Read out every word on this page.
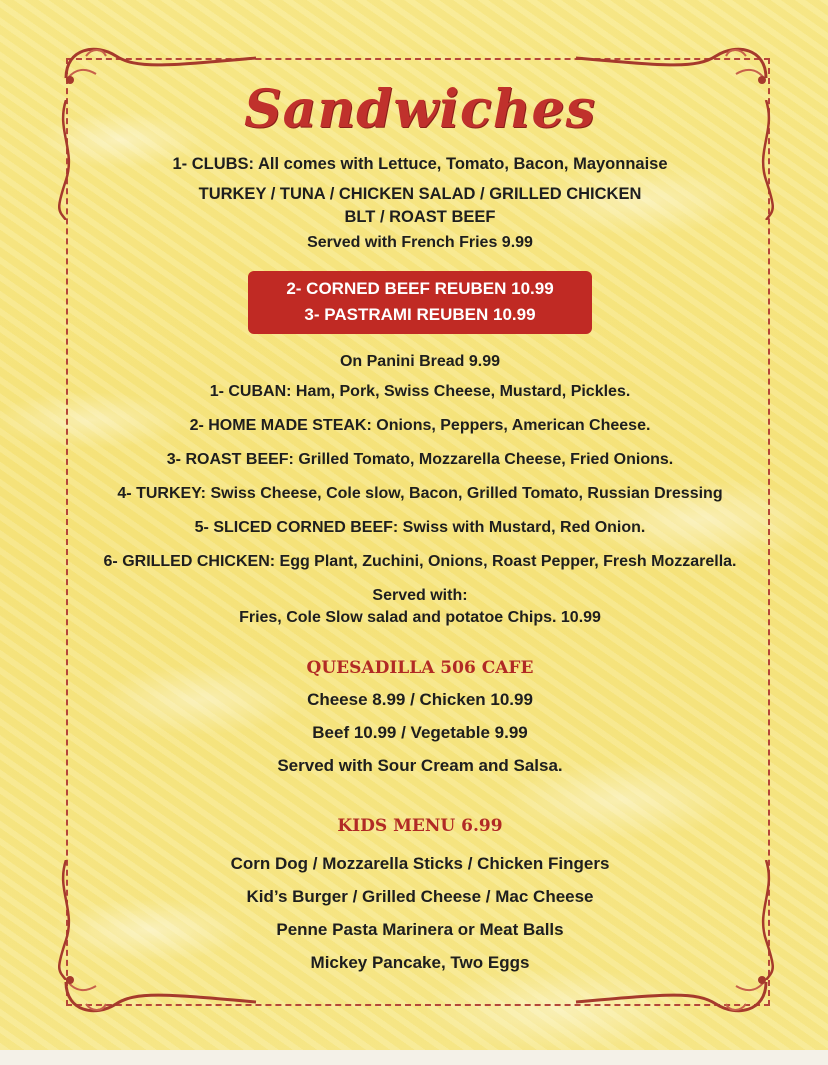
Sandwiches

1- CLUBS: All comes with Lettuce, Tomato, Bacon, Mayonnaise

TURKEY / TUNA / CHICKEN SALAD / GRILLED CHICKEN

BLT / ROAST BEEF

Served with French Fries 9.99

2- CORNED BEEF REUBEN 10.99
3- PASTRAMI REUBEN 10.99

On Panini Bread 9.99

1- CUBAN: Ham, Pork, Swiss Cheese, Mustard, Pickles.

2- HOME MADE STEAK: Onions, Peppers, American Cheese.

3- ROAST BEEF: Grilled Tomato, Mozzarella Cheese, Fried Onions.

4- TURKEY: Swiss Cheese, Cole slow, Bacon, Grilled Tomato, Russian Dressing

5- SLICED CORNED BEEF: Swiss with Mustard, Red Onion.

6- GRILLED CHICKEN: Egg Plant, Zuchini, Onions, Roast Pepper, Fresh Mozzarella.

Served with:

Fries, Cole Slow salad and potatoe Chips. 10.99

QUESADILLA 506 CAFE

Cheese 8.99 / Chicken 10.99

Beef 10.99 / Vegetable 9.99

Served with Sour Cream and Salsa.

KIDS MENU 6.99

Corn Dog / Mozzarella Sticks / Chicken Fingers

Kid’s Burger / Grilled Cheese / Mac Cheese

Penne Pasta Marinera or Meat Balls

Mickey Pancake, Two Eggs
